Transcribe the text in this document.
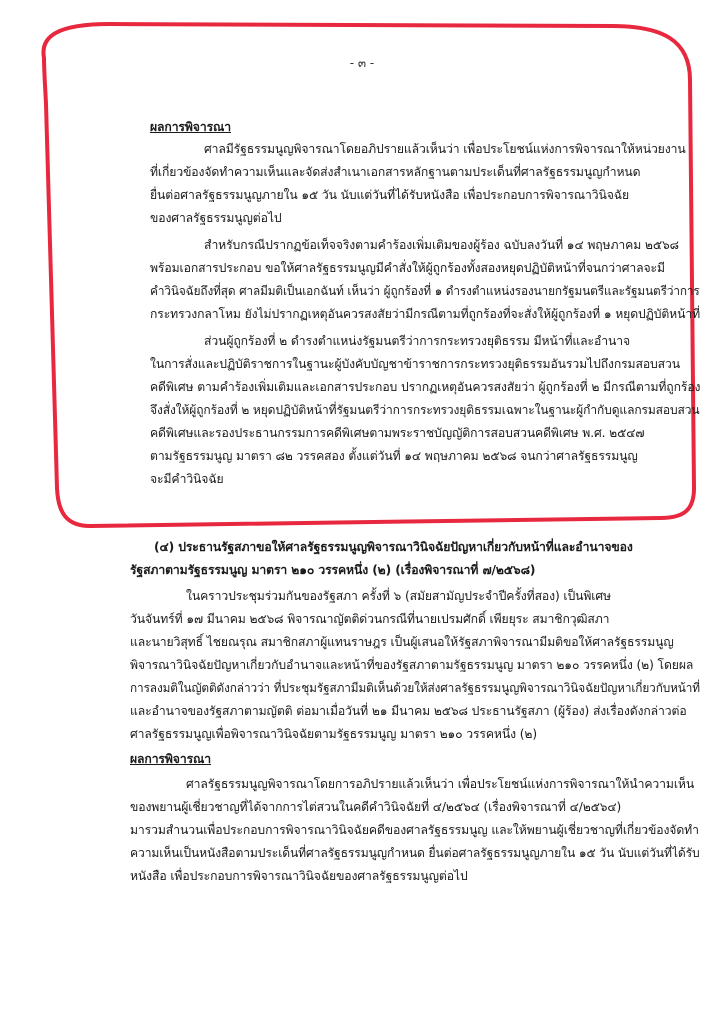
- ๓ -
ผลการพิจารณา
ศาลมีรัฐธรรมนูญพิจารณาโดยอภิปรายแล้วเห็นว่า เพื่อประโยชน์แห่งการพิจารณาให้หน่วยงาน
ที่เกี่ยวข้องจัดทำความเห็นและจัดส่งสำเนาเอกสารหลักฐานตามประเด็นที่ศาลรัฐธรรมนูญกำหนด
ยื่นต่อศาลรัฐธรรมนูญภายใน ๑๕ วัน นับแต่วันที่ได้รับหนังสือ เพื่อประกอบการพิจารณาวินิจฉัย
ของศาลรัฐธรรมนูญต่อไป
สำหรับกรณีปรากฏข้อเท็จจริงตามคำร้องเพิ่มเติมของผู้ร้อง ฉบับลงวันที่ ๑๔ พฤษภาคม ๒๕๖๘
พร้อมเอกสารประกอบ ขอให้ศาลรัฐธรรมนูญมีคำสั่งให้ผู้ถูกร้องทั้งสองหยุดปฏิบัติหน้าที่จนกว่าศาลจะมี
คำวินิจฉัยถึงที่สุด ศาลมีมติเป็นเอกฉันท์ เห็นว่า ผู้ถูกร้องที่ ๑ ดำรงตำแหน่งรองนายกรัฐมนตรีและรัฐมนตรีว่าการ
กระทรวงกลาโหม ยังไม่ปรากฏเหตุอันควรสงสัยว่ามีกรณีตามที่ถูกร้องที่จะสั่งให้ผู้ถูกร้องที่ ๑ หยุดปฏิบัติหน้าที่
ส่วนผู้ถูกร้องที่ ๒ ดำรงตำแหน่งรัฐมนตรีว่าการกระทรวงยุติธรรม มีหน้าที่และอำนาจ
ในการสั่งและปฏิบัติราชการในฐานะผู้บังคับบัญชาข้าราชการกระทรวงยุติธรรมอันรวมไปถึงกรมสอบสวน
คดีพิเศษ ตามคำร้องเพิ่มเติมและเอกสารประกอบ ปรากฏเหตุอันควรสงสัยว่า ผู้ถูกร้องที่ ๒ มีกรณีตามที่ถูกร้อง
จึงสั่งให้ผู้ถูกร้องที่ ๒ หยุดปฏิบัติหน้าที่รัฐมนตรีว่าการกระทรวงยุติธรรมเฉพาะในฐานะผู้กำกับดูแลกรมสอบสวน
คดีพิเศษและรองประธานกรรมการคดีพิเศษตามพระราชบัญญัติการสอบสวนคดีพิเศษ พ.ศ. ๒๕๔๗
ตามรัฐธรรมนูญ มาตรา ๘๒ วรรคสอง ตั้งแต่วันที่ ๑๔ พฤษภาคม ๒๕๖๘ จนกว่าศาลรัฐธรรมนูญ
จะมีคำวินิจฉัย
(๔) ประธานรัฐสภาขอให้ศาลรัฐธรรมนูญพิจารณาวินิจฉัยปัญหาเกี่ยวกับหน้าที่และอำนาจของ
รัฐสภาตามรัฐธรรมนูญ มาตรา ๒๑๐ วรรคหนึ่ง (๒) (เรื่องพิจารณาที่ ๗/๒๕๖๘)
ในคราวประชุมร่วมกันของรัฐสภา ครั้งที่ ๖ (สมัยสามัญประจำปีครั้งที่สอง) เป็นพิเศษ
วันจันทร์ที่ ๑๗ มีนาคม ๒๕๖๘ พิจารณาญัตติด่วนกรณีที่นายเปรมศักดิ์ เพียยุระ สมาชิกวุฒิสภา
และนายวิสุทธิ์ ไชยณรุณ สมาชิกสภาผู้แทนราษฎร เป็นผู้เสนอให้รัฐสภาพิจารณามีมติขอให้ศาลรัฐธรรมนูญ
พิจารณาวินิจฉัยปัญหาเกี่ยวกับอำนาจและหน้าที่ของรัฐสภาตามรัฐธรรมนูญ มาตรา ๒๑๐ วรรคหนึ่ง (๒) โดยผล
การลงมติในญัตติดังกล่าวว่า ที่ประชุมรัฐสภามีมติเห็นด้วยให้ส่งศาลรัฐธรรมนูญพิจารณาวินิจฉัยปัญหาเกี่ยวกับหน้าที่
และอำนาจของรัฐสภาตามญัตติ ต่อมาเมื่อวันที่ ๒๑ มีนาคม ๒๕๖๘ ประธานรัฐสภา (ผู้ร้อง) ส่งเรื่องดังกล่าวต่อ
ศาลรัฐธรรมนูญเพื่อพิจารณาวินิจฉัยตามรัฐธรรมนูญ มาตรา ๒๑๐ วรรคหนึ่ง (๒)
ผลการพิจารณา
ศาลรัฐธรรมนูญพิจารณาโดยการอภิปรายแล้วเห็นว่า เพื่อประโยชน์แห่งการพิจารณาให้นำความเห็น
ของพยานผู้เชี่ยวชาญที่ได้จากการไต่สวนในคดีคำวินิจฉัยที่ ๔/๒๕๖๔ (เรื่องพิจารณาที่ ๔/๒๕๖๔)
มารวมสำนวนเพื่อประกอบการพิจารณาวินิจฉัยคดีของศาลรัฐธรรมนูญ และให้พยานผู้เชี่ยวชาญที่เกี่ยวข้องจัดทำ
ความเห็นเป็นหนังสือตามประเด็นที่ศาลรัฐธรรมนูญกำหนด ยื่นต่อศาลรัฐธรรมนูญภายใน ๑๕ วัน นับแต่วันที่ได้รับ
หนังสือ เพื่อประกอบการพิจารณาวินิจฉัยของศาลรัฐธรรมนูญต่อไป
